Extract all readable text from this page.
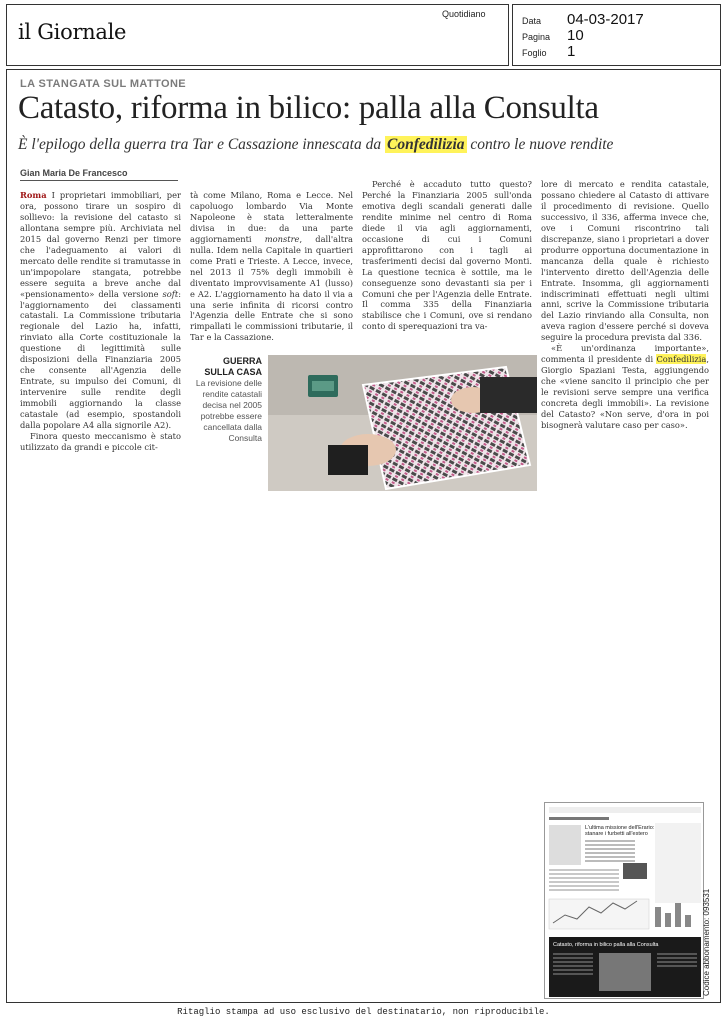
il Giornale
Quotidiano
Data	04-03-2017
Pagina	10
Foglio	1
LA STANGATA SUL MATTONE
Catasto, riforma in bilico: palla alla Consulta
È l'epilogo della guerra tra Tar e Cassazione innescata da Confedilizia contro le nuove rendite
Gian Maria De Francesco

Roma I proprietari immobiliari, per ora, possono tirare un sospiro di sollievo: la revisione del catasto si allontana sempre più. Archiviata nel 2015 dal governo Renzi per timore che l'adeguamento ai valori di mercato delle rendite si tramutasse in un'impopolare stangata, potrebbe essere seguita a breve anche dal «pensionamento» della versione soft: l'aggiornamento dei classamenti catastali. La Commissione tributaria regionale del Lazio ha, infatti, rinviato alla Corte costituzionale la questione di legittimità sulle disposizioni della Finanziaria 2005 che consente all'Agenzia delle Entrate, su impulso dei Comuni, di intervenire sulle rendite degli immobili aggiornando la classe catastale (ad esempio, spostandoli dalla popolare A4 alla signorile A2).

Finora questo meccanismo è stato utilizzato da grandi e piccole cit-

tà come Milano, Roma e Lecce. Nel capoluogo lombardo Via Monte Napoleone è stata letteralmente divisa in due: da una parte aggiornamenti monstre, dall'altra nulla. Idem nella Capitale in quartieri come Prati e Trieste. A Lecce, invece, nel 2013 il 75% degli immobili è diventato improvvisamente A1 (lusso) e A2. L'aggiornamento ha dato il via a una serie infinita di ricorsi contro l'Agenzia delle Entrate che si sono rimpallati le commissioni tributarie, il Tar e la Cassazione.

Perché è accaduto tutto questo? Perché la Finanziaria 2005 sull'onda emotiva degli scandali generati dalle rendite minime nel centro di Roma diede il via agli aggiornamenti, occasione di cui i Comuni approfittarono con i tagli ai trasferimenti decisi dal governo Monti. La questione tecnica è sottile, ma le conseguenze sono devastanti sia per i Comuni che per l'Agenzia delle Entrate. Il comma 335 della Finanziaria stabilisce che i Comuni, ove si rendano conto di sperequazioni tra va-

lore di mercato e rendita catastale, possano chiedere al Catasto di attivare il procedimento di revisione. Quello successivo, il 336, afferma invece che, ove i Comuni riscontrino tali discrepanze, siano i proprietari a dover produrre opportuna documentazione in mancanza della quale è richiesto l'intervento diretto dell'Agenzia delle Entrate. Insomma, gli aggiornamenti indiscriminati effettuati negli ultimi anni, scrive la Commissione tributaria del Lazio rinviando alla Consulta, non aveva ragion d'essere perché si doveva seguire la procedura prevista dal 336.

«È un'ordinanza importante», commenta il presidente di Confedilizia, Giorgio Spaziani Testa, aggiungendo che «viene sancito il principio che per le revisioni serve sempre una verifica concreta degli immobili». La revisione del Catasto? «Non serve, d'ora in poi bisognerà valutare caso per caso».

GUERRA
SULLA CASA
La revisione delle rendite catastali decisa nel 2005 potrebbe essere cancellata dalla Consulta
L'ultima missione dell'Erario:
stanare i furbetti all'estero
Catasto, riforma in bilico palla alla Consulta	Codice abbonamento: 093531
Ritaglio stampa ad uso esclusivo del destinatario, non riproducibile.
